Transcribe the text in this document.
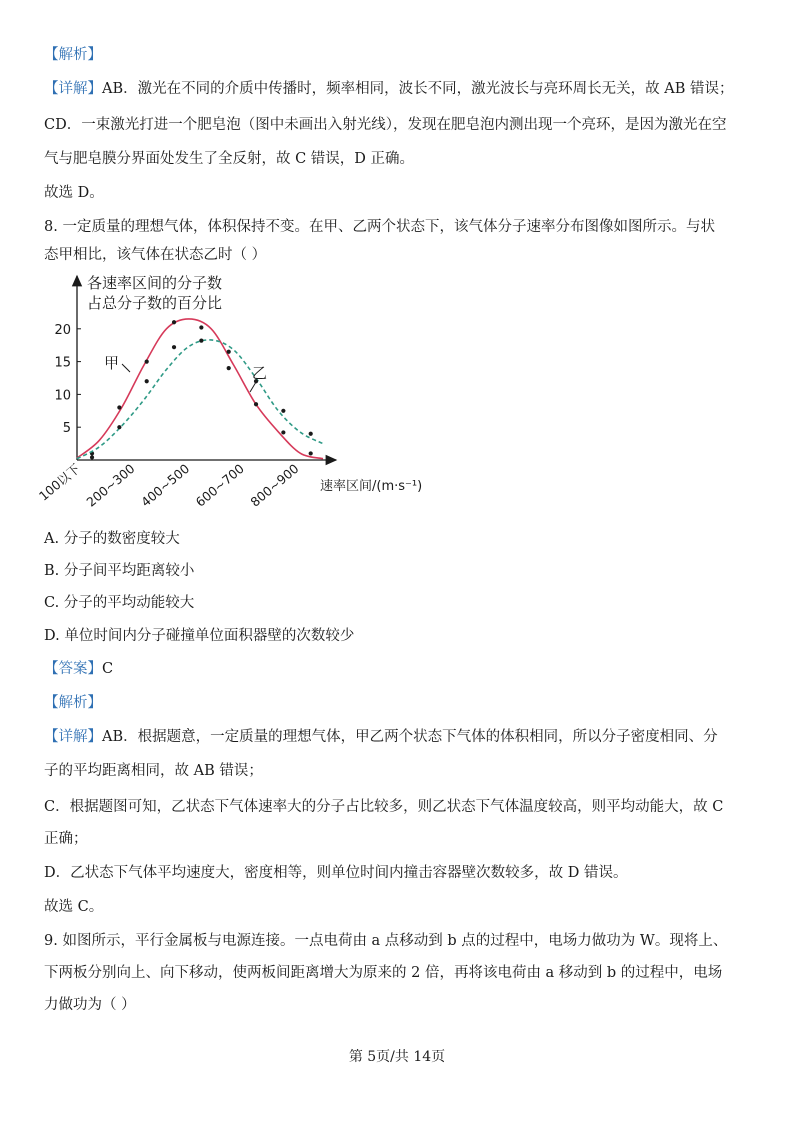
【解析】
【详解】AB．激光在不同的介质中传播时，频率相同，波长不同，激光波长与亮环周长无关，故 AB 错误；
CD．一束激光打进一个肥皂泡（图中未画出入射光线），发现在肥皂泡内测出现一个亮环，是因为激光在空
气与肥皂膜分界面处发生了全反射，故 C 错误，D 正确。
故选 D。
8. 一定质量的理想气体，体积保持不变。在甲、乙两个状态下，该气体分子速率分布图像如图所示。与状
态甲相比，该气体在状态乙时（ ）
各速率区间的分子数
占总分子数的百分比
速率区间/(m·s⁻¹)
5
10
15
20
100以下 200~300 400~500 600~700 800~900
甲
乙
A. 分子的数密度较大
B. 分子间平均距离较小
C. 分子的平均动能较大
D. 单位时间内分子碰撞单位面积器壁的次数较少
【答案】C
【解析】
【详解】AB．根据题意，一定质量的理想气体，甲乙两个状态下气体的体积相同，所以分子密度相同、分
子的平均距离相同，故 AB 错误；
C．根据题图可知，乙状态下气体速率大的分子占比较多，则乙状态下气体温度较高，则平均动能大，故 C
正确；
D．乙状态下气体平均速度大，密度相等，则单位时间内撞击容器壁次数较多，故 D 错误。
故选 C。
9. 如图所示，平行金属板与电源连接。一点电荷由 a 点移动到 b 点的过程中，电场力做功为 W。现将上、
下两板分别向上、向下移动，使两板间距离增大为原来的 2 倍，再将该电荷由 a 移动到 b 的过程中，电场
力做功为（ ）
第 5页/共 14页
